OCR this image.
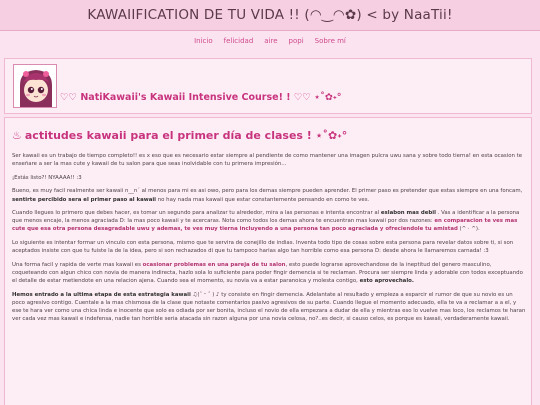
KAWAIIFICATION DE TU VIDA !! (◠‿◠✿) < by NaaTii!
Inicio felicidad aire popi Sobre mí
♡♡ NatiKawaii's Kawaii Intensive Course! ! ♡♡ ⋆˚✿˖°
♨ actitudes kawaii para el primer día de clases ! ⋆˚✿˖°

Ser kawaii es un trabajo de tiempo completo!! es x eso que es necesario estar siempre al pendiente de como mantener una imagen pulcra uwu sana y sobre todo tierna! en esta ocasion te enseñare a ser la mas cute y kawaii de tu salon para que seas inolvidable con tu primera impresión...

¡Estás listo?! NYAAAA!! :3

Bueno, es muy facil realmente ser kawaii n__n´ al menos para mi es asi owo, pero para los demas siempre pueden aprender. El primer paso es pretender que estas siempre en una foncam, sentirte percibido sera el primer paso al kawaii no hay nada mas kawaii que estar constantemente pensando en como te ves.

Cuando llegues lo primero que debes hacer, es tomar un segundo para analizar tu alrededor, mira a las personas e intenta encontrar al eslabon mas debil . Vas a identificar a la persona que menos encaje, la menos agraciada D: la mas poco kawaii y te acercaras. Nota como todos los demas ahora te encuentran mas kawaii por dos razones: en comparacion te ves mas cute que esa otra persona desagradable uwu y ademas, te ves muy tierna incluyendo a una persona tan poco agraciada y ofreciendole tu amistad (^ · ^).

Lo siguiente es intentar formar un vinculo con esta persona, mismo que te servira de conejillo de indias. Inventa todo tipo de cosas sobre esta persona para revelar datos sobre ti, si son aceptados insiste con que tu fuiste la de la idea, pero si son rechazados di que tu tampoco harias algo tan horrible como esa persona D: desde ahora le llamaremos carnada! :3

Una forma facil y rapida de verte mas kawaii es ocasionar problemas en una pareja de tu salon, esto puede lograrse aprovechandose de la ineptitud del genero masculino, coqueteando con algun chico con novia de manera indirecta, hazlo sola lo suficiente para poder fingir demencia si te reclaman. Procura ser siempre linda y adorable con todos exceptuando el detalle de estar metiendote en una relacion ajena. Cuando sea el momento, su novia va a estar paranoica y molesta contigo, esto aprovechalo.

Hemos entrado a la ultima etapa de esta estrategia kawaii ♫(ˆ ᵕ ˆ ) ♪ ty consiste en fingir demencia. Adelantate al resultado y empieza a esparcir el rumor de que su novio es un poco agresivo contigo. Cuentale a la mas chismosa de la clase que notaste comentarios pasivo agresivos de su parte. Cuando llegue el momento adecuado, ella te va a reclamar a a el, y ese te hara ver como una chica linda e inocente que solo es odiada por ser bonita, incluso el novio de ella empezara a dudar de ella y mientras eso lo vuelve mas loco, los reclamos te haran ver cada vez mas kawaii e indefensa, nadie tan horrible seria atacada sin razon alguna por una novia celosa, no?..es decir, si causo celos, es porque es kawaii, verdaderamente kawaii.
